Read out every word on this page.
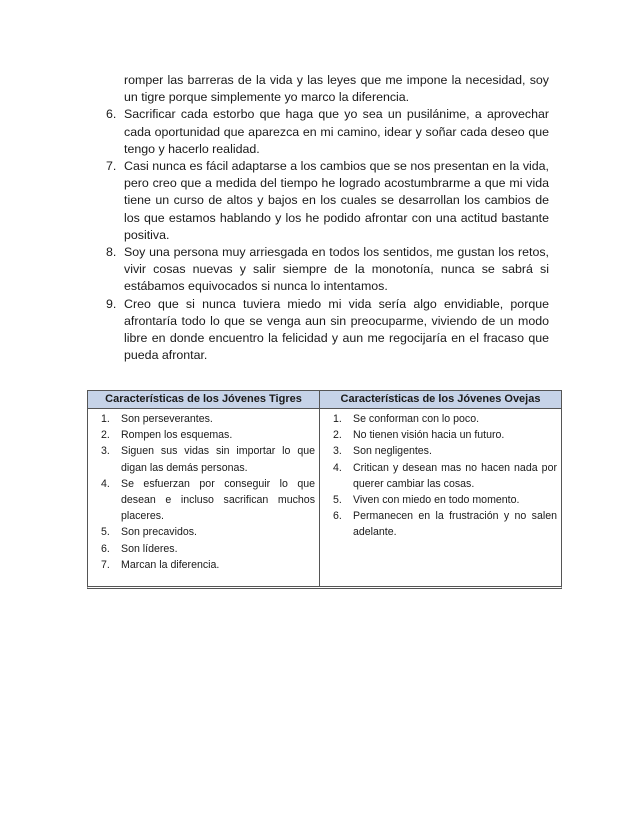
romper las barreras de la vida y las leyes que me impone la necesidad, soy un tigre porque simplemente yo marco la diferencia.
6. Sacrificar cada estorbo que haga que yo sea un pusilánime, a aprovechar cada oportunidad que aparezca en mi camino, idear y soñar cada deseo que tengo y hacerlo realidad.
7. Casi nunca es fácil adaptarse a los cambios que se nos presentan en la vida, pero creo que a medida del tiempo he logrado acostumbrarme a que mi vida tiene un curso de altos y bajos en los cuales se desarrollan los cambios de los que estamos hablando y los he podido afrontar con una actitud bastante positiva.
8. Soy una persona muy arriesgada en todos los sentidos, me gustan los retos, vivir cosas nuevas y salir siempre de la monotonía, nunca se sabrá si estábamos equivocados si nunca lo intentamos.
9. Creo que si nunca tuviera miedo mi vida sería algo envidiable, porque afrontaría todo lo que se venga aun sin preocuparme, viviendo de un modo libre en donde encuentro la felicidad y aun me regocijaría en el fracaso que pueda afrontar.
Características de los Jóvenes Tigres
1. Son perseverantes.
2. Rompen los esquemas.
3. Siguen sus vidas sin importar lo que digan las demás personas.
4. Se esfuerzan por conseguir lo que desean e incluso sacrifican muchos placeres.
5. Son precavidos.
6. Son líderes.
7. Marcan la diferencia.
Características de los Jóvenes Ovejas
1. Se conforman con lo poco.
2. No tienen visión hacia un futuro.
3. Son negligentes.
4. Critican y desean mas no hacen nada por querer cambiar las cosas.
5. Viven con miedo en todo momento.
6. Permanecen en la frustración y no salen adelante.
